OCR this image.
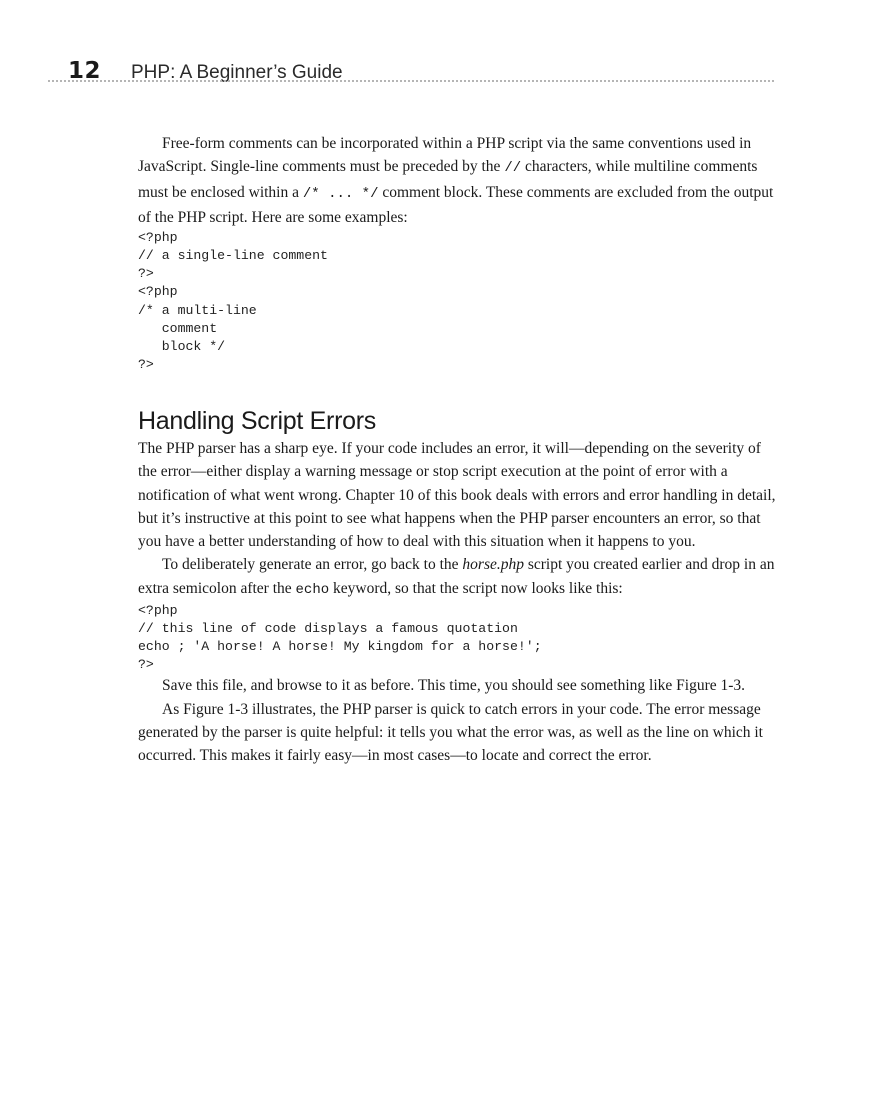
12 PHP: A Beginner’s Guide

Free-form comments can be incorporated within a PHP script via the same conventions used in JavaScript. Single-line comments must be preceded by the // characters, while multiline comments must be enclosed within a /* ... */ comment block. These comments are excluded from the output of the PHP script. Here are some examples:

<?php
// a single-line comment
?>
<?php
/* a multi-line
comment
block */
?>
Handling Script Errors

The PHP parser has a sharp eye. If your code includes an error, it will—depending on the severity of the error—either display a warning message or stop script execution at the point of error with a notification of what went wrong. Chapter 10 of this book deals with errors and error handling in detail, but it’s instructive at this point to see what happens when the PHP parser encounters an error, so that you have a better understanding of how to deal with this situation when it happens to you.

To deliberately generate an error, go back to the horse.php script you created earlier and drop in an extra semicolon after the echo keyword, so that the script now looks like this:

<?php
// this line of code displays a famous quotation
echo ; 'A horse! A horse! My kingdom for a horse!';
?>

Save this file, and browse to it as before. This time, you should see something like Figure 1-3.

As Figure 1-3 illustrates, the PHP parser is quick to catch errors in your code. The error message generated by the parser is quite helpful: it tells you what the error was, as well as the line on which it occurred. This makes it fairly easy—in most cases—to locate and correct the error.
